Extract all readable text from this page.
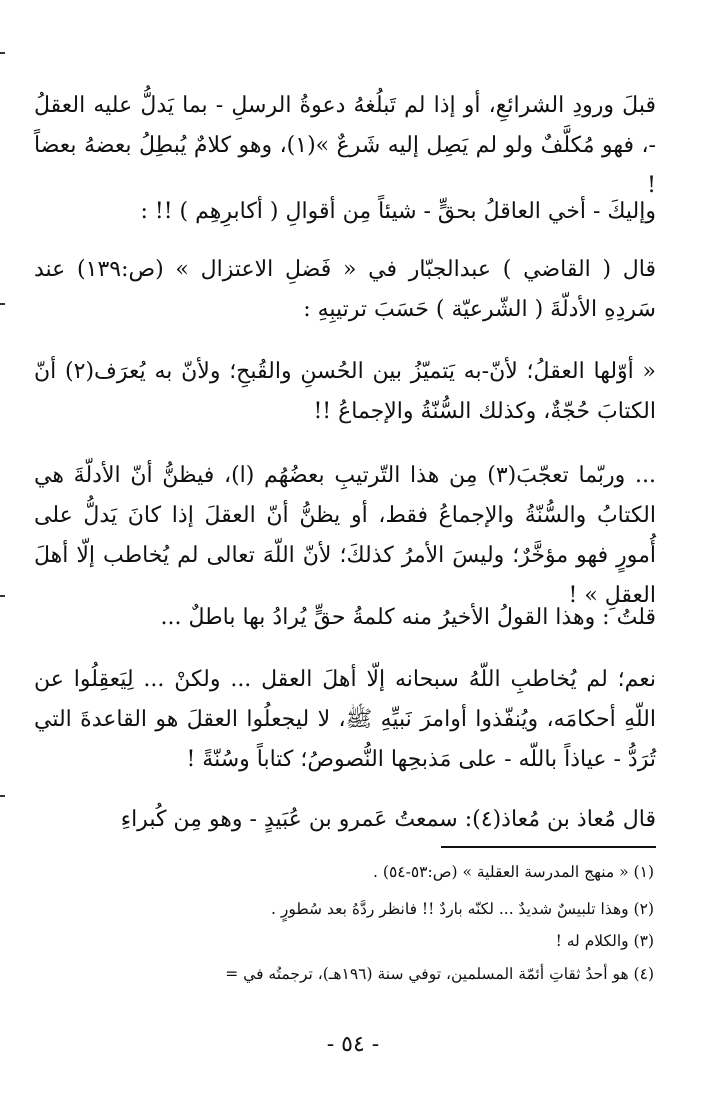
قبلَ ورودِ الشرائعِ، أو إذا لم تَبلُغهُ دعوةُ الرسلِ - بما يَدلُّ عليه العقلُ -، فهو مُكلَّفٌ ولو لم يَصِل إليه شَرعٌ »(١)، وهو كلامٌ يُبطِلُ بعضهُ بعضاً !
وإليكَ - أخي العاقلُ بحقٍّ - شيئاً مِن أقوالِ ( أكابرِهِم ) !! :
قال ( القاضي ) عبدالجبّار في « فَضلِ الاعتزال » (ص:١٣٩) عند سَردِهِ الأدلّةَ ( الشّرعيّة ) حَسَبَ ترتيبِهِ :
« أوّلها العقلُ؛ لأنّ-به يَتميّزُ بين الحُسنِ والقُبحِ؛ ولأنّ به يُعرَف(٢) أنّ الكتابَ حُجّةٌ، وكذلك السُّنّةُ والإجماعُ !!
... وربّما تعجّبَ(٣) مِن هذا التّرتيبِ بعضُهُم (ا)، فيظنُّ أنّ الأدلّةَ هي الكتابُ والسُّنّةُ والإجماعُ فقط، أو يظنُّ أنّ العقلَ إذا كانَ يَدلُّ على أُمورٍ فهو مؤخَّرٌ؛ وليسَ الأمرُ كذلكَ؛ لأنّ اللّهَ تعالى لم يُخاطب إلّا أهلَ العقلِ » !
قلتُ : وهذا القولُ الأخيرُ منه كلمةُ حقٍّ يُرادُ بها باطلٌ ...
نعم؛ لم يُخاطبِ اللّهُ سبحانه إلّا أهلَ العقل ... ولكنْ ... لِيَعقِلُوا عن اللّهِ أحكامَه، ويُنفّذوا أوامرَ نَبيِّهِ ﷺ، لا ليجعلُوا العقلَ هو القاعدةَ التي تُرَدُّ - عياذاً باللّه - على مَذبحِها النُّصوصُ؛ كتاباً وسُنّةً !
قال مُعاذ بن مُعاذ(٤): سمعتُ عَمرو بن عُبَيدٍ - وهو مِن كُبراءِ
(١) « منهج المدرسة العقلية » (ص:٥٣-٥٤) .
(٢) وهذا تلبيسٌ شديدٌ ... لكنّه باردٌ !! فانظر ردَّهُ بعد سُطورٍ .
(٣) والكلام له !
(٤) هو أحدُ ثقاتِ أئمّة المسلمين، توفي سنة (١٩٦هـ)، ترجمتُه في =
- ٥٤ -
